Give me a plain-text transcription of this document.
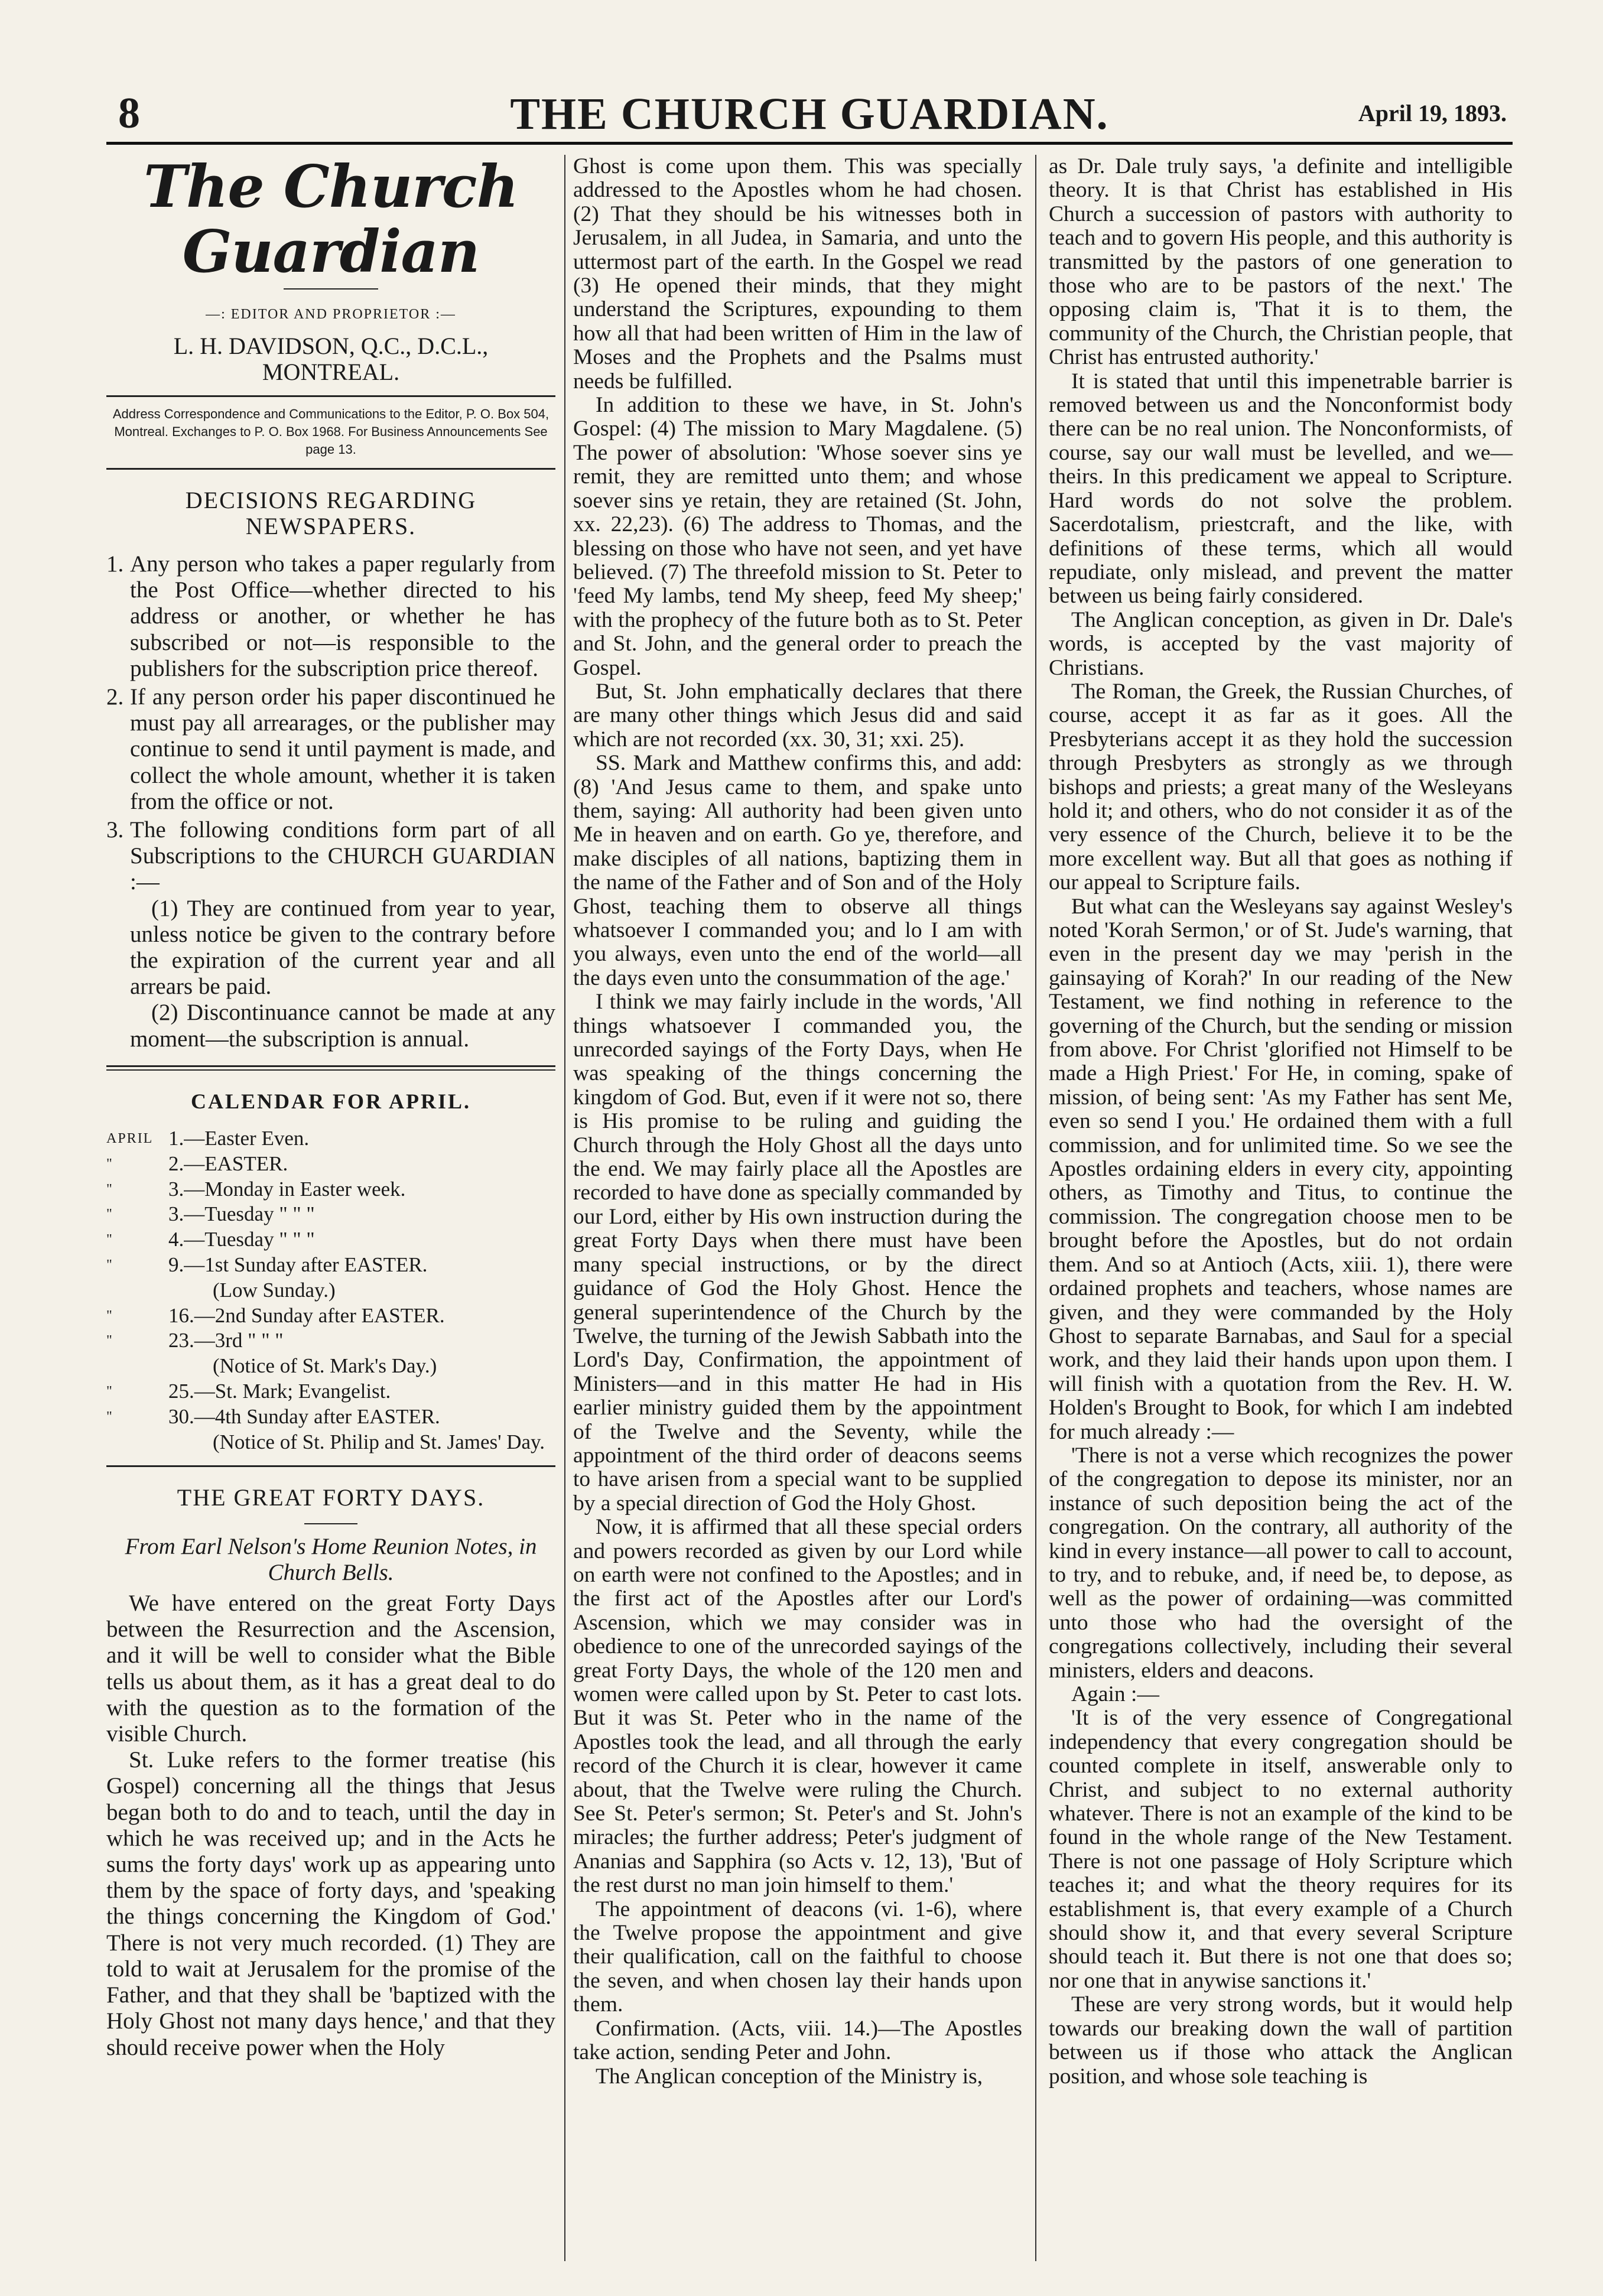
8	THE CHURCH GUARDIAN.	April 19, 1893.
The Church Guardian
—: EDITOR AND PROPRIETOR :—
L. H. DAVIDSON, Q.C., D.C.L., MONTREAL.
Address Correspondence and Communications to the Editor, P. O. Box 504, Montreal. Exchanges to P. O. Box 1968. For Business Announcements See page 13.
DECISIONS REGARDING NEWSPAPERS.
1. Any person who takes a paper regularly from the Post Office—whether directed to his address or another, or whether he has subscribed or not—is responsible to the publishers for the subscription price thereof.
2. If any person order his paper discontinued he must pay all arrearages, or the publisher may continue to send it until payment is made, and collect the whole amount, whether it is taken from the office or not.
3. The following conditions form part of all Subscriptions to the CHURCH GUARDIAN :—

(1) They are continued from year to year, unless notice be given to the contrary before the expiration of the current year and all arrears be paid.

(2) Discontinuance cannot be made at any moment—the subscription is annual.

CALENDAR FOR APRIL.
APRIL 1.—Easter Even.
"	2.—EASTER.
"	3.—Monday in Easter week.
"	3.—Tuesday " " "
"	4.—Tuesday " " "
"	9.—1st Sunday after EASTER.
(Low Sunday.)
"	16.—2nd Sunday after EASTER.
"	23.—3rd " " "
(Notice of St. Mark's Day.)
"	25.—St. Mark; Evangelist.
"	30.—4th Sunday after EASTER.
(Notice of St. Philip and St. James' Day.
THE GREAT FORTY DAYS.

From Earl Nelson's Home Reunion Notes, in Church Bells.

We have entered on the great Forty Days between the Resurrection and the Ascension, and it will be well to consider what the Bible tells us about them, as it has a great deal to do with the question as to the formation of the visible Church.

St. Luke refers to the former treatise (his Gospel) concerning all the things that Jesus began both to do and to teach, until the day in which he was received up; and in the Acts he sums the forty days' work up as appearing unto them by the space of forty days, and 'speaking the things concerning the Kingdom of God.' There is not very much recorded. (1) They are told to wait at Jerusalem for the promise of the Father, and that they shall be 'baptized with the Holy Ghost not many days hence,' and that they should receive power when the Holy

Ghost is come upon them. This was specially addressed to the Apostles whom he had chosen. (2) That they should be his witnesses both in Jerusalem, in all Judea, in Samaria, and unto the uttermost part of the earth. In the Gospel we read (3) He opened their minds, that they might understand the Scriptures, expounding to them how all that had been written of Him in the law of Moses and the Prophets and the Psalms must needs be fulfilled.

In addition to these we have, in St. John's Gospel: (4) The mission to Mary Magdalene. (5) The power of absolution: 'Whose soever sins ye remit, they are remitted unto them; and whose soever sins ye retain, they are retained (St. John, xx. 22,23). (6) The address to Thomas, and the blessing on those who have not seen, and yet have believed. (7) The threefold mission to St. Peter to 'feed My lambs, tend My sheep, feed My sheep;' with the prophecy of the future both as to St. Peter and St. John, and the general order to preach the Gospel.

But, St. John emphatically declares that there are many other things which Jesus did and said which are not recorded (xx. 30, 31; xxi. 25).

SS. Mark and Matthew confirms this, and add: (8) 'And Jesus came to them, and spake unto them, saying: All authority had been given unto Me in heaven and on earth. Go ye, therefore, and make disciples of all nations, baptizing them in the name of the Father and of Son and of the Holy Ghost, teaching them to observe all things whatsoever I commanded you; and lo I am with you always, even unto the end of the world—all the days even unto the consummation of the age.'

I think we may fairly include in the words, 'All things whatsoever I commanded you, the unrecorded sayings of the Forty Days, when He was speaking of the things concerning the kingdom of God. But, even if it were not so, there is His promise to be ruling and guiding the Church through the Holy Ghost all the days unto the end. We may fairly place all the Apostles are recorded to have done as specially commanded by our Lord, either by His own instruction during the great Forty Days when there must have been many special instructions, or by the direct guidance of God the Holy Ghost. Hence the general superintendence of the Church by the Twelve, the turning of the Jewish Sabbath into the Lord's Day, Confirmation, the appointment of Ministers—and in this matter He had in His earlier ministry guided them by the appointment of the Twelve and the Seventy, while the appointment of the third order of deacons seems to have arisen from a special want to be supplied by a special direction of God the Holy Ghost.

Now, it is affirmed that all these special orders and powers recorded as given by our Lord while on earth were not confined to the Apostles; and in the first act of the Apostles after our Lord's Ascension, which we may consider was in obedience to one of the unrecorded sayings of the great Forty Days, the whole of the 120 men and women were called upon by St. Peter to cast lots. But it was St. Peter who in the name of the Apostles took the lead, and all through the early record of the Church it is clear, however it came about, that the Twelve were ruling the Church. See St. Peter's sermon; St. Peter's and St. John's miracles; the further address; Peter's judgment of Ananias and Sapphira (so Acts v. 12, 13), 'But of the rest durst no man join himself to them.'

The appointment of deacons (vi. 1-6), where the Twelve propose the appointment and give their qualification, call on the faithful to choose the seven, and when chosen lay their hands upon them.

Confirmation. (Acts, viii. 14.)—The Apostles take action, sending Peter and John.

The Anglican conception of the Ministry is,

as Dr. Dale truly says, 'a definite and intelligible theory. It is that Christ has established in His Church a succession of pastors with authority to teach and to govern His people, and this authority is transmitted by the pastors of one generation to those who are to be pastors of the next.' The opposing claim is, 'That it is to them, the community of the Church, the Christian people, that Christ has entrusted authority.'

It is stated that until this impenetrable barrier is removed between us and the Nonconformist body there can be no real union. The Nonconformists, of course, say our wall must be levelled, and we—theirs. In this predicament we appeal to Scripture. Hard words do not solve the problem. Sacerdotalism, priestcraft, and the like, with definitions of these terms, which all would repudiate, only mislead, and prevent the matter between us being fairly considered.

The Anglican conception, as given in Dr. Dale's words, is accepted by the vast majority of Christians.

The Roman, the Greek, the Russian Churches, of course, accept it as far as it goes. All the Presbyterians accept it as they hold the succession through Presbyters as strongly as we through bishops and priests; a great many of the Wesleyans hold it; and others, who do not consider it as of the very essence of the Church, believe it to be the more excellent way. But all that goes as nothing if our appeal to Scripture fails.

But what can the Wesleyans say against Wesley's noted 'Korah Sermon,' or of St. Jude's warning, that even in the present day we may 'perish in the gainsaying of Korah?' In our reading of the New Testament, we find nothing in reference to the governing of the Church, but the sending or mission from above. For Christ 'glorified not Himself to be made a High Priest.' For He, in coming, spake of mission, of being sent: 'As my Father has sent Me, even so send I you.' He ordained them with a full commission, and for unlimited time. So we see the Apostles ordaining elders in every city, appointing others, as Timothy and Titus, to continue the commission. The congregation choose men to be brought before the Apostles, but do not ordain them. And so at Antioch (Acts, xiii. 1), there were ordained prophets and teachers, whose names are given, and they were commanded by the Holy Ghost to separate Barnabas, and Saul for a special work, and they laid their hands upon upon them. I will finish with a quotation from the Rev. H. W. Holden's Brought to Book, for which I am indebted for much already :—

'There is not a verse which recognizes the power of the congregation to depose its minister, nor an instance of such deposition being the act of the congregation. On the contrary, all authority of the kind in every instance—all power to call to account, to try, and to rebuke, and, if need be, to depose, as well as the power of ordaining—was committed unto those who had the oversight of the congregations collectively, including their several ministers, elders and deacons.

Again :—

'It is of the very essence of Congregational independency that every congregation should be counted complete in itself, answerable only to Christ, and subject to no external authority whatever. There is not an example of the kind to be found in the whole range of the New Testament. There is not one passage of Holy Scripture which teaches it; and what the theory requires for its establishment is, that every example of a Church should show it, and that every several Scripture should teach it. But there is not one that does so; nor one that in anywise sanctions it.'

These are very strong words, but it would help towards our breaking down the wall of partition between us if those who attack the Anglican position, and whose sole teaching is
